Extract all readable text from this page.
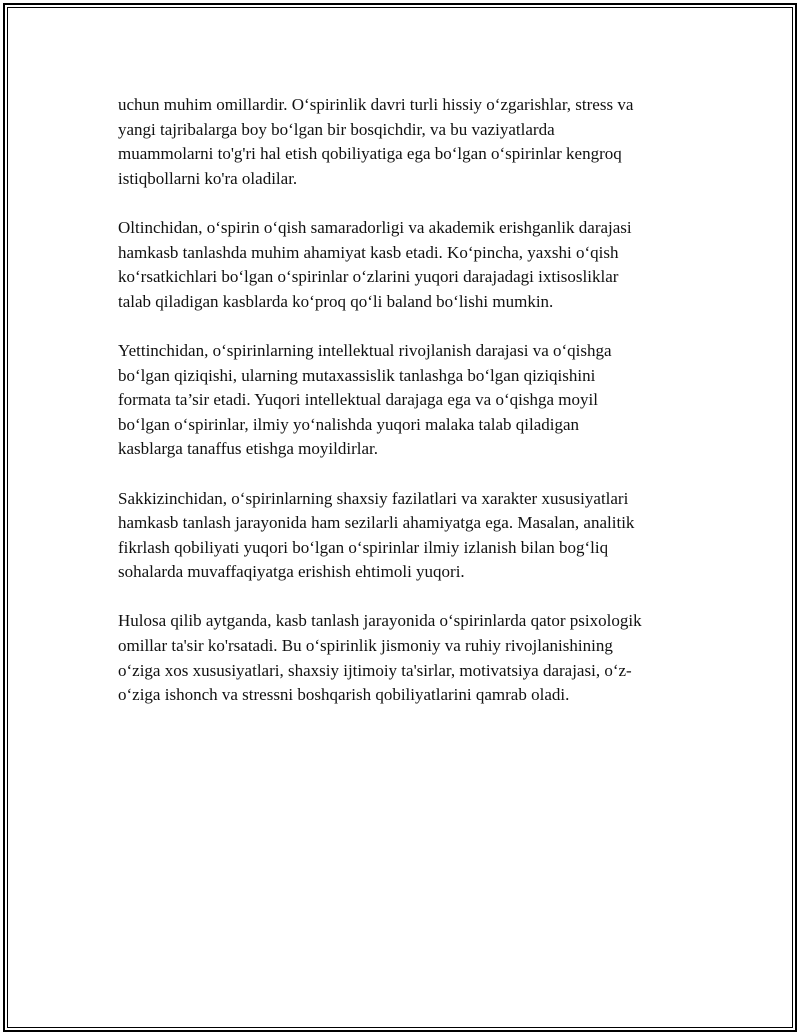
uchun muhim omillardir. O‘spirinlik davri turli hissiy o‘zgarishlar, stress va
yangi tajribalarga boy bo‘lgan bir bosqichdir, va bu vaziyatlarda
muammolarni to'g'ri hal etish qobiliyatiga ega bo‘lgan o‘spirinlar kengroq
istiqbollarni ko'ra oladilar.

Oltinchidan, o‘spirin o‘qish samaradorligi va akademik erishganlik darajasi
hamkasb tanlashda muhim ahamiyat kasb etadi. Ko‘pincha, yaxshi o‘qish
ko‘rsatkichlari bo‘lgan o‘spirinlar o‘zlarini yuqori darajadagi ixtisosliklar
talab qiladigan kasblarda ko‘proq qo‘li baland bo‘lishi mumkin.

Yettinchidan, o‘spirinlarning intellektual rivojlanish darajasi va o‘qishga
bo‘lgan qiziqishi, ularning mutaxassislik tanlashga bo‘lgan qiziqishini
formata ta’sir etadi. Yuqori intellektual darajaga ega va o‘qishga moyil
bo‘lgan o‘spirinlar, ilmiy yo‘nalishda yuqori malaka talab qiladigan
kasblarga tanaffus etishga moyildirlar.

Sakkizinchidan, o‘spirinlarning shaxsiy fazilatlari va xarakter xususiyatlari
hamkasb tanlash jarayonida ham sezilarli ahamiyatga ega. Masalan, analitik
fikrlash qobiliyati yuqori bo‘lgan o‘spirinlar ilmiy izlanish bilan bog‘liq
sohalarda muvaffaqiyatga erishish ehtimoli yuqori.

Hulosa qilib aytganda, kasb tanlash jarayonida o‘spirinlarda qator psixologik
omillar ta'sir ko'rsatadi. Bu o‘spirinlik jismoniy va ruhiy rivojlanishining
o‘ziga xos xususiyatlari, shaxsiy ijtimoiy ta'sirlar, motivatsiya darajasi, o‘z-
o‘ziga ishonch va stressni boshqarish qobiliyatlarini qamrab oladi.
